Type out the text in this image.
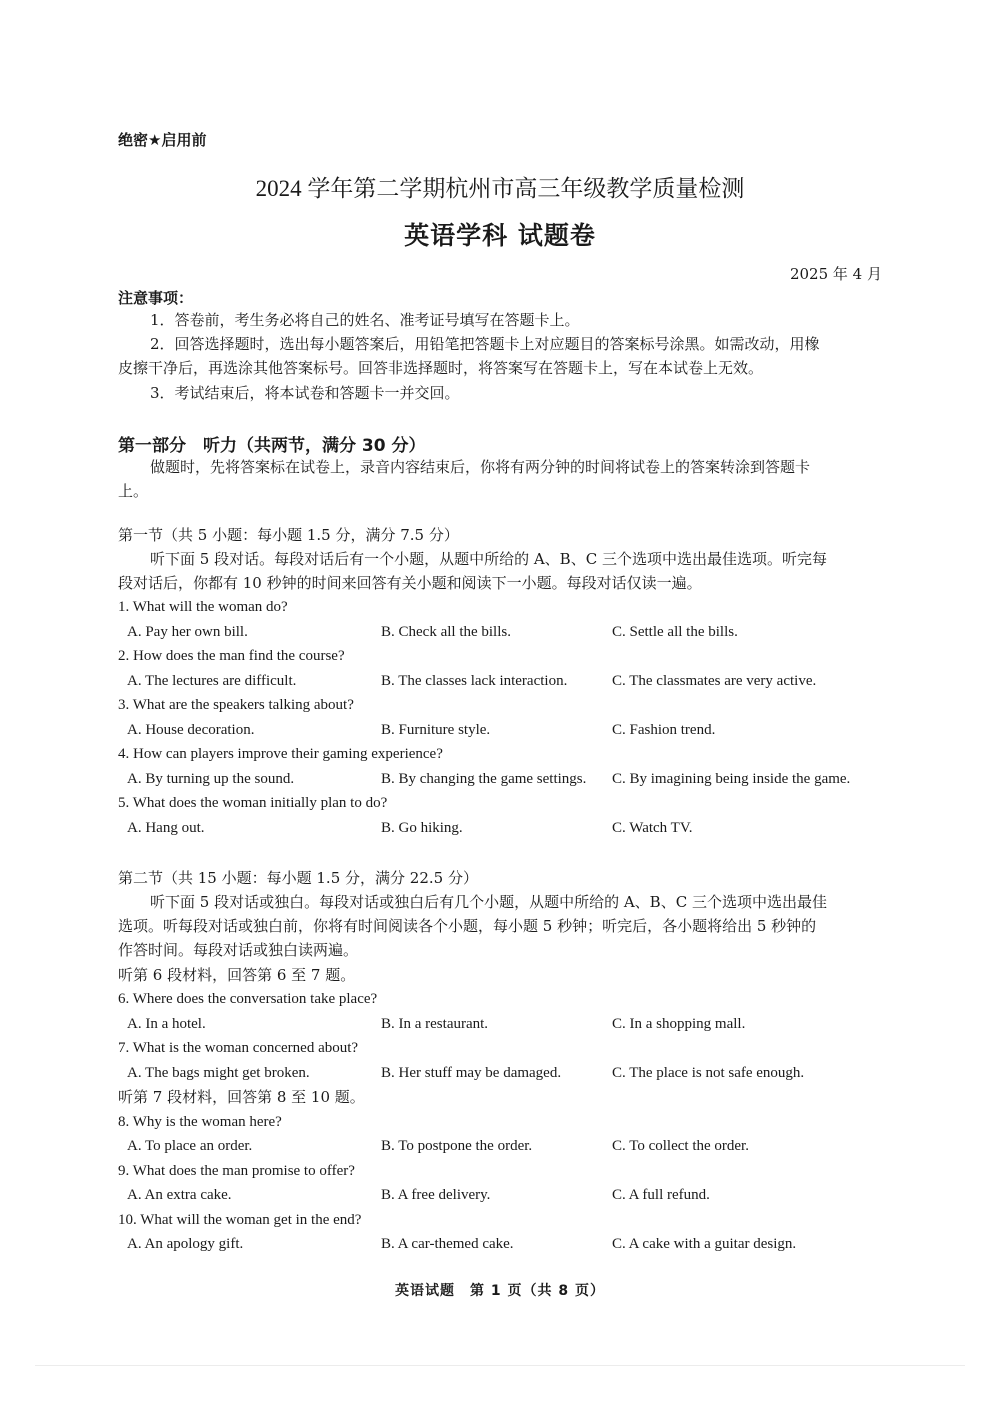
绝密★启用前
2024 学年第二学期杭州市高三年级教学质量检测
英语学科 试题卷
2025 年 4 月
注意事项：
1．答卷前，考生务必将自己的姓名、准考证号填写在答题卡上。
2．回答选择题时，选出每小题答案后，用铅笔把答题卡上对应题目的答案标号涂黑。如需改动，用橡
皮擦干净后，再选涂其他答案标号。回答非选择题时，将答案写在答题卡上，写在本试卷上无效。
3．考试结束后，将本试卷和答题卡一并交回。
第一部分　听力（共两节，满分 30 分）
做题时，先将答案标在试卷上，录音内容结束后，你将有两分钟的时间将试卷上的答案转涂到答题卡
上。
第一节（共 5 小题：每小题 1.5 分，满分 7.5 分）
听下面 5 段对话。每段对话后有一个小题，从题中所给的 A、B、C 三个选项中选出最佳选项。听完每
段对话后，你都有 10 秒钟的时间来回答有关小题和阅读下一小题。每段对话仅读一遍。
1. What will the woman do?
A. Pay her own bill.	B. Check all the bills.	C. Settle all the bills.
2. How does the man find the course?
A. The lectures are difficult.	B. The classes lack interaction.	C. The classmates are very active.
3. What are the speakers talking about?
A. House decoration.	B. Furniture style.	C. Fashion trend.
4. How can players improve their gaming experience?
A. By turning up the sound.	B. By changing the game settings. C. By imagining being inside the game.
5. What does the woman initially plan to do?
A. Hang out.	B. Go hiking.	C. Watch TV.
第二节（共 15 小题：每小题 1.5 分，满分 22.5 分）
听下面 5 段对话或独白。每段对话或独白后有几个小题，从题中所给的 A、B、C 三个选项中选出最佳
选项。听每段对话或独白前，你将有时间阅读各个小题，每小题 5 秒钟；听完后，各小题将给出 5 秒钟的
作答时间。每段对话或独白读两遍。
听第 6 段材料，回答第 6 至 7 题。
6. Where does the conversation take place?
A. In a hotel.	B. In a restaurant.	C. In a shopping mall.
7. What is the woman concerned about?
A. The bags might get broken.	B. Her stuff may be damaged.	C. The place is not safe enough.
听第 7 段材料，回答第 8 至 10 题。
8. Why is the woman here?
A. To place an order.	B. To postpone the order.	C. To collect the order.
9. What does the man promise to offer?
A. An extra cake.	B. A free delivery.	C. A full refund.
10. What will the woman get in the end?
A. An apology gift.	B. A car-themed cake.	C. A cake with a guitar design.
英语试题　第 1 页（共 8 页）
